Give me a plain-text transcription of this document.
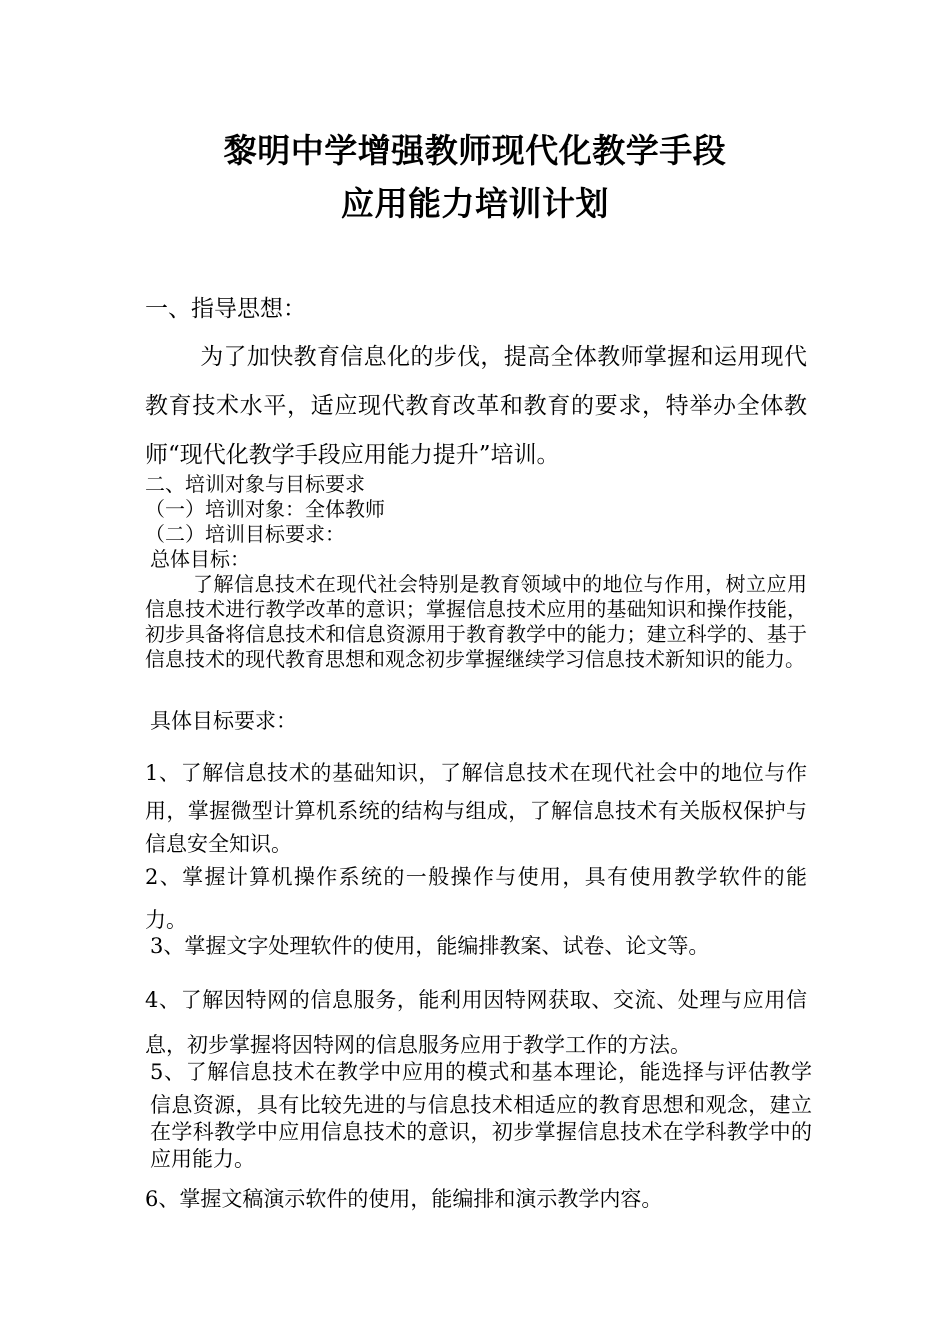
黎明中学增强教师现代化教学手段
应用能力培训计划
一、指导思想：
为了加快教育信息化的步伐，提高全体教师掌握和运用现代教育技术水平，适应现代教育改革和教育的要求，特举办全体教师“现代化教学手段应用能力提升”培训。
二、培训对象与目标要求
（一）培训对象：全体教师
（二）培训目标要求：
总体目标：
了解信息技术在现代社会特别是教育领域中的地位与作用，树立应用信息技术进行教学改革的意识；掌握信息技术应用的基础知识和操作技能，初步具备将信息技术和信息资源用于教育教学中的能力；建立科学的、基于信息技术的现代教育思想和观念初步掌握继续学习信息技术新知识的能力。
具体目标要求：
1、了解信息技术的基础知识，了解信息技术在现代社会中的地位与作用，掌握微型计算机系统的结构与组成，了解信息技术有关版权保护与信息安全知识。
2、掌握计算机操作系统的一般操作与使用，具有使用教学软件的能力。
3、掌握文字处理软件的使用，能编排教案、试卷、论文等。
4、了解因特网的信息服务，能利用因特网获取、交流、处理与应用信息，初步掌握将因特网的信息服务应用于教学工作的方法。
5、了解信息技术在教学中应用的模式和基本理论，能选择与评估教学信息资源，具有比较先进的与信息技术相适应的教育思想和观念，建立在学科教学中应用信息技术的意识，初步掌握信息技术在学科教学中的应用能力。
6、掌握文稿演示软件的使用，能编排和演示教学内容。
